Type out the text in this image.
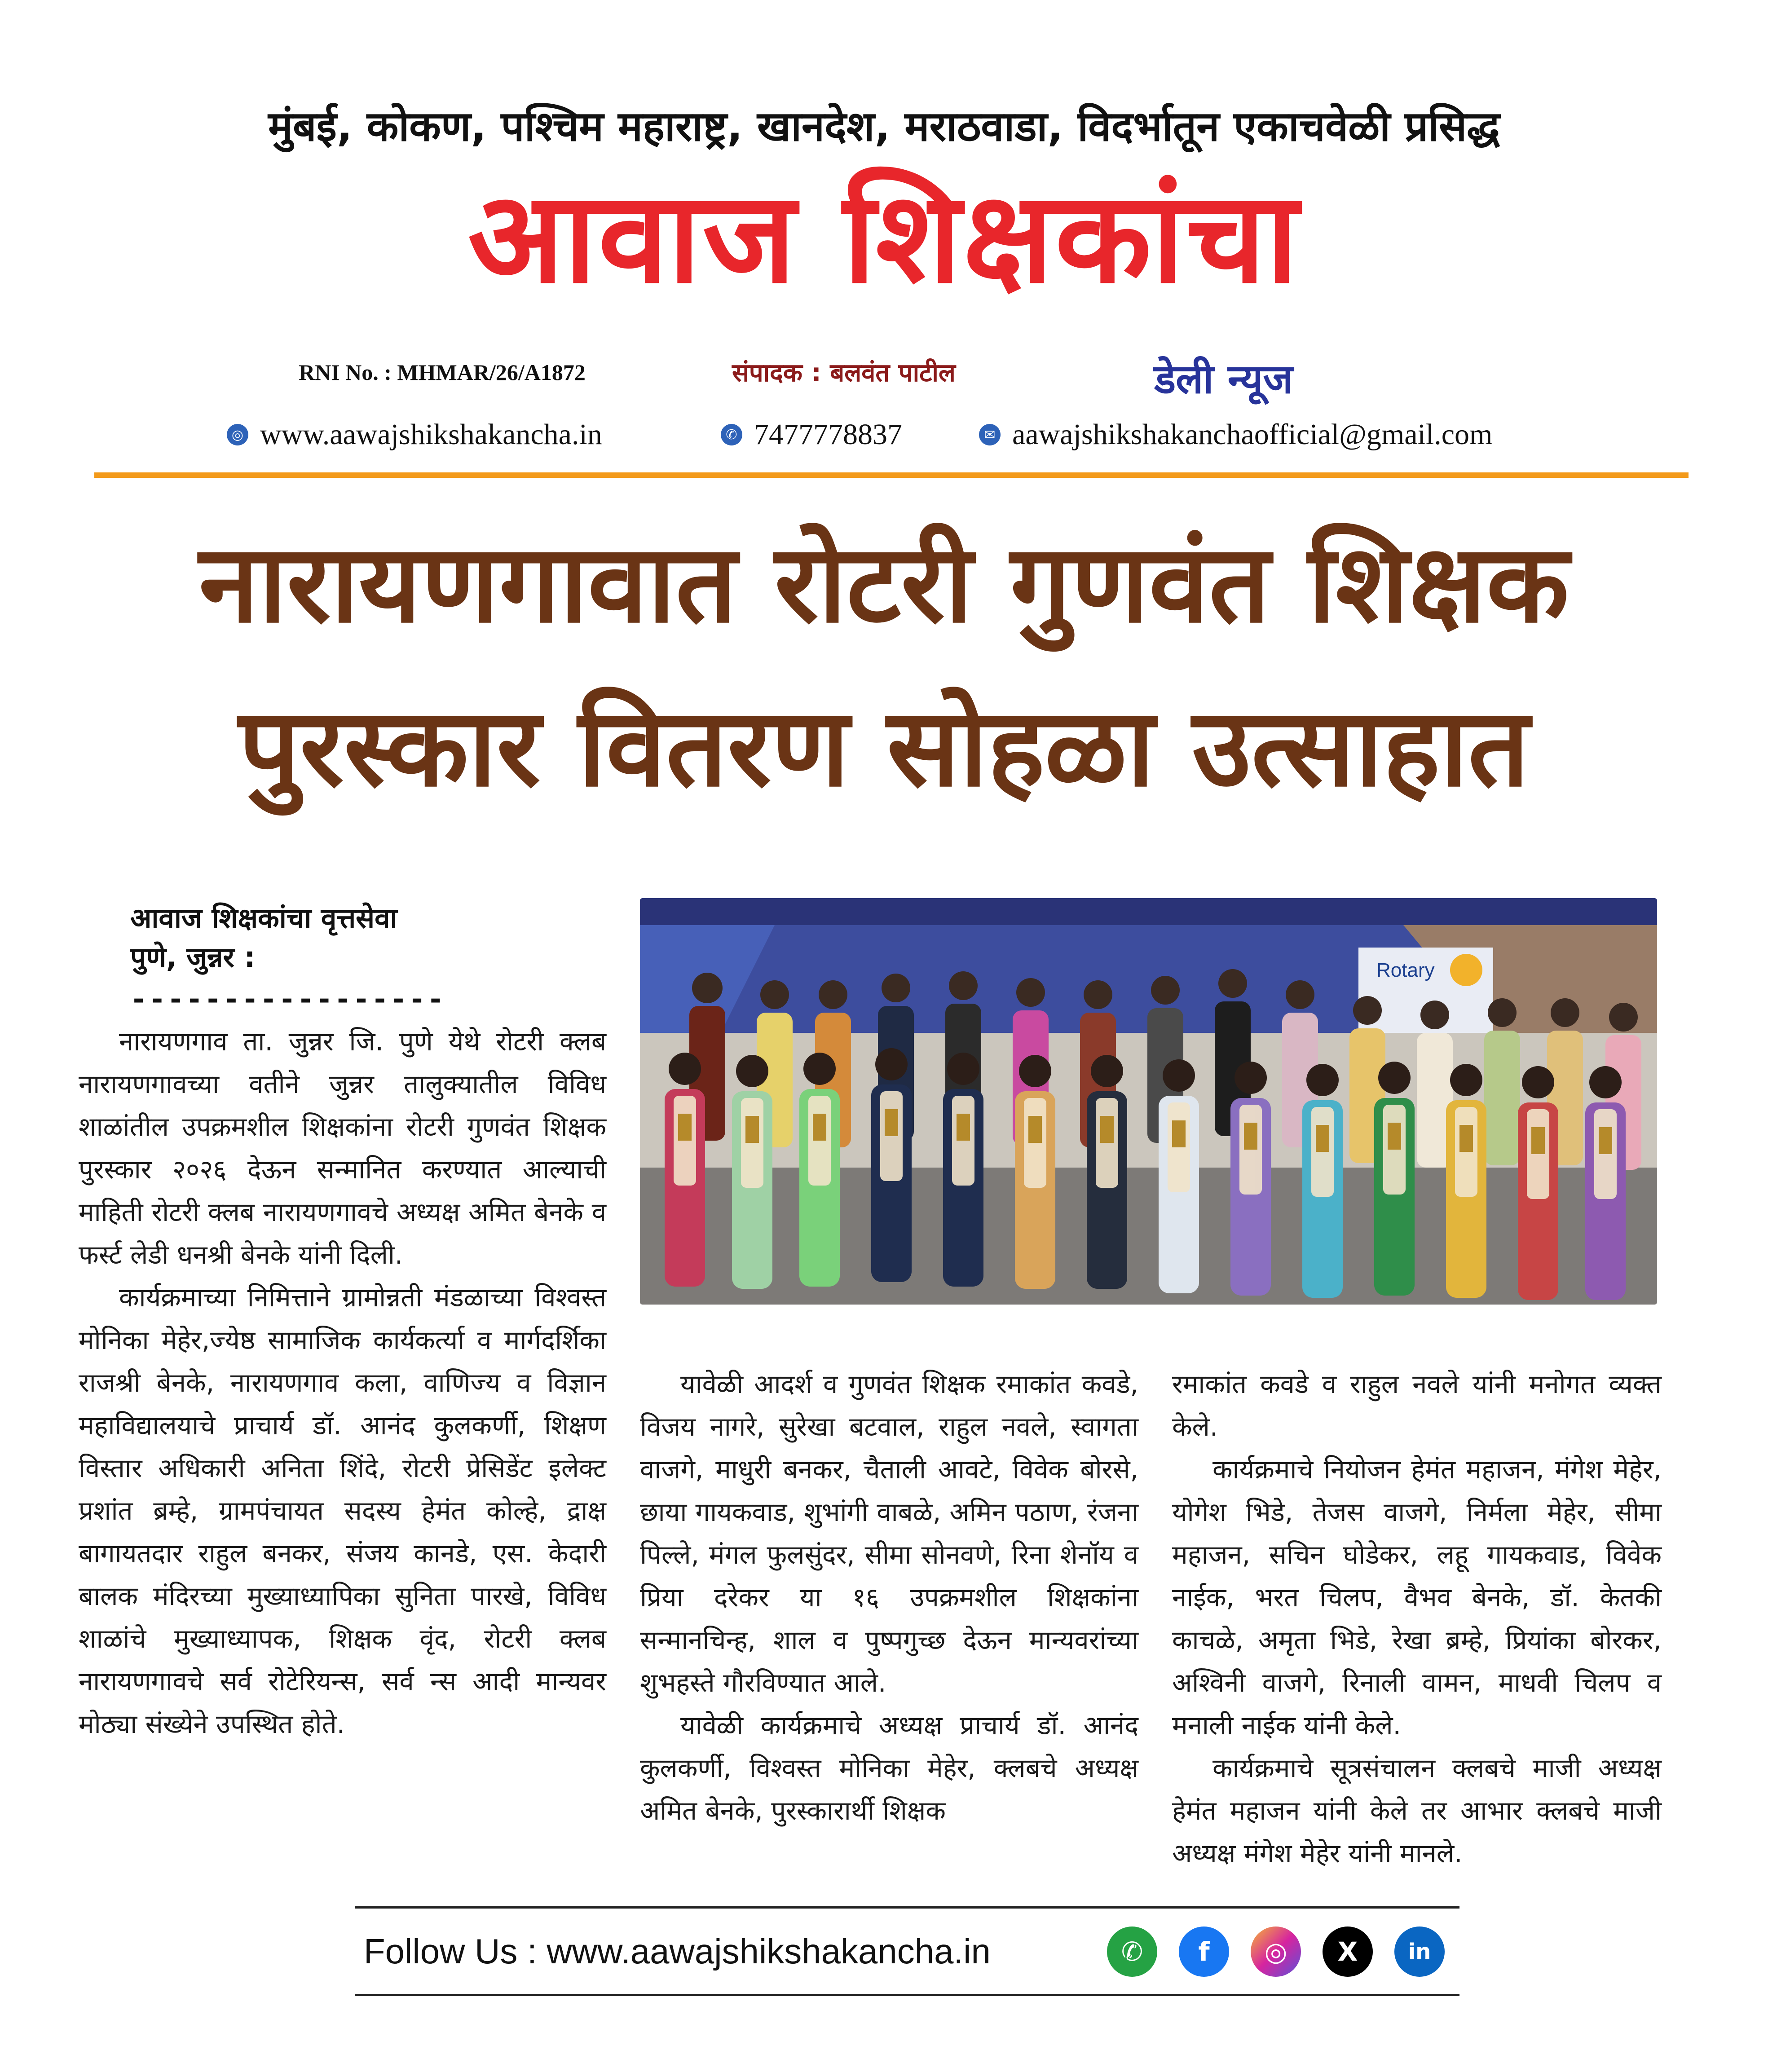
मुंबई, कोकण, पश्चिम महाराष्ट्र, खानदेश, मराठवाडा, विदर्भातून एकाचवेळी प्रसिद्ध
आवाज शिक्षकांचा
RNI No. : MHMAR/26/A1872	संपादक : बलवंत पाटील	डेली न्यूज
◎ www.aawajshikshakancha.in	✆ 7477778837	✉ aawajshikshakanchaofficial@gmail.com
नारायणगावात रोटरी गुणवंत शिक्षक
पुरस्कार वितरण सोहळा उत्साहात
आवाज शिक्षकांचा वृत्तसेवा
पुणे, जुन्नर :
-----------------

नारायणगाव ता. जुन्नर जि. पुणे येथे रोटरी क्लब नारायणगावच्या वतीने जुन्नर तालुक्यातील विविध शाळांतील उपक्रमशील शिक्षकांना रोटरी गुणवंत शिक्षक पुरस्कार २०२६ देऊन सन्मानित करण्यात आल्याची माहिती रोटरी क्लब नारायणगावचे अध्यक्ष अमित बेनके व फर्स्ट लेडी धनश्री बेनके यांनी दिली.

कार्यक्रमाच्या निमित्ताने ग्रामोन्नती मंडळाच्या विश्वस्त मोनिका मेहेर,ज्येष्ठ सामाजिक कार्यकर्त्या व मार्गदर्शिका राजश्री बेनके, नारायणगाव कला, वाणिज्य व विज्ञान महाविद्यालयाचे प्राचार्य डॉ. आनंद कुलकर्णी, शिक्षण विस्तार अधिकारी अनिता शिंदे, रोटरी प्रेसिडेंट इलेक्ट प्रशांत ब्रम्हे, ग्रामपंचायत सदस्य हेमंत कोल्हे, द्राक्ष बागायतदार राहुल बनकर, संजय कानडे, एस. केदारी बालक मंदिरच्या मुख्याध्यापिका सुनिता पारखे, विविध शाळांचे मुख्याध्यापक, शिक्षक वृंद, रोटरी क्लब नारायणगावचे सर्व रोटेरियन्स, सर्व न्स आदी मान्यवर मोठ्या संख्येने उपस्थित होते.

Rotary

यावेळी आदर्श व गुणवंत शिक्षक रमाकांत कवडे, विजय नागरे, सुरेखा बटवाल, राहुल नवले, स्वागता वाजगे, माधुरी बनकर, चैताली आवटे, विवेक बोरसे, छाया गायकवाड, शुभांगी वाबळे, अमिन पठाण, रंजना पिल्ले, मंगल फुलसुंदर, सीमा सोनवणे, रिना शेनॉय व प्रिया दरेकर या १६ उपक्रमशील शिक्षकांना सन्मानचिन्ह, शाल व पुष्पगुच्छ देऊन मान्यवरांच्या शुभहस्ते गौरविण्यात आले.

यावेळी कार्यक्रमाचे अध्यक्ष प्राचार्य डॉ. आनंद कुलकर्णी, विश्वस्त मोनिका मेहेर, क्लबचे अध्यक्ष अमित बेनके, पुरस्कारार्थी शिक्षक

रमाकांत कवडे व राहुल नवले यांनी मनोगत व्यक्त केले.

कार्यक्रमाचे नियोजन हेमंत महाजन, मंगेश मेहेर, योगेश भिडे, तेजस वाजगे, निर्मला मेहेर, सीमा महाजन, सचिन घोडेकर, लहू गायकवाड, विवेक नाईक, भरत चिलप, वैभव बेनके, डॉ. केतकी काचळे, अमृता भिडे, रेखा ब्रम्हे, प्रियांका बोरकर, अश्विनी वाजगे, रिनाली वामन, माधवी चिलप व मनाली नाईक यांनी केले.

कार्यक्रमाचे सूत्रसंचालन क्लबचे माजी अध्यक्ष हेमंत महाजन यांनी केले तर आभार क्लबचे माजी अध्यक्ष मंगेश मेहेर यांनी मानले.

Follow Us : www.aawajshikshakancha.in	✆	f	◎	X	in
